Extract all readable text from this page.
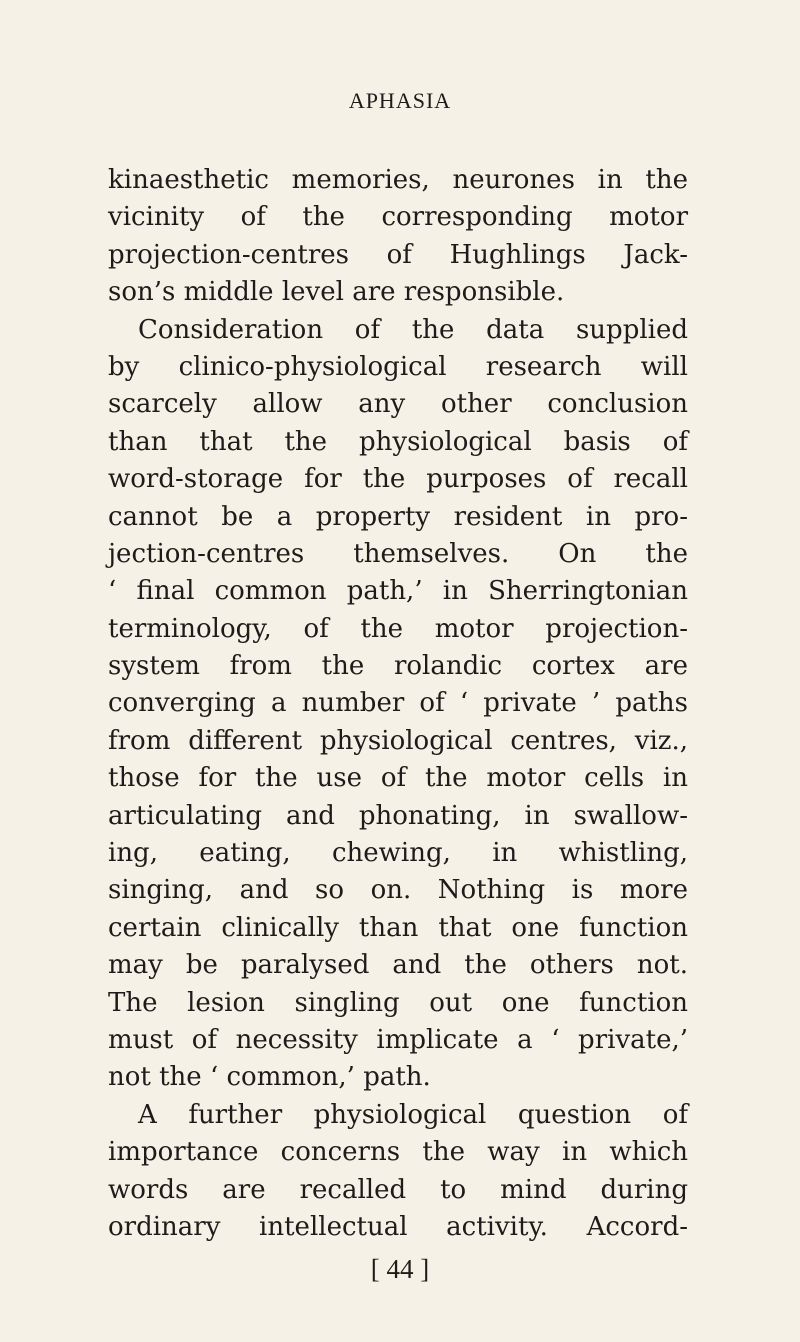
APHASIA

kinaesthetic memories, neurones in the
vicinity of the corresponding motor
projection-centres of Hughlings Jack-
son’s middle level are responsible.

Consideration of the data supplied
by clinico-physiological research will
scarcely allow any other conclusion
than that the physiological basis of
word-storage for the purposes of recall
cannot be a property resident in pro-
jection-centres themselves. On the
‘ final common path,’ in Sherringtonian
terminology, of the motor projection-
system from the rolandic cortex are
converging a number of ‘ private ’ paths
from different physiological centres, viz.,
those for the use of the motor cells in
articulating and phonating, in swallow-
ing, eating, chewing, in whistling,
singing, and so on. Nothing is more
certain clinically than that one function
may be paralysed and the others not.
The lesion singling out one function
must of necessity implicate a ‘ private,’
not the ‘ common,’ path.

A further physiological question of
importance concerns the way in which
words are recalled to mind during
ordinary intellectual activity. Accord-

[ 44 ]
